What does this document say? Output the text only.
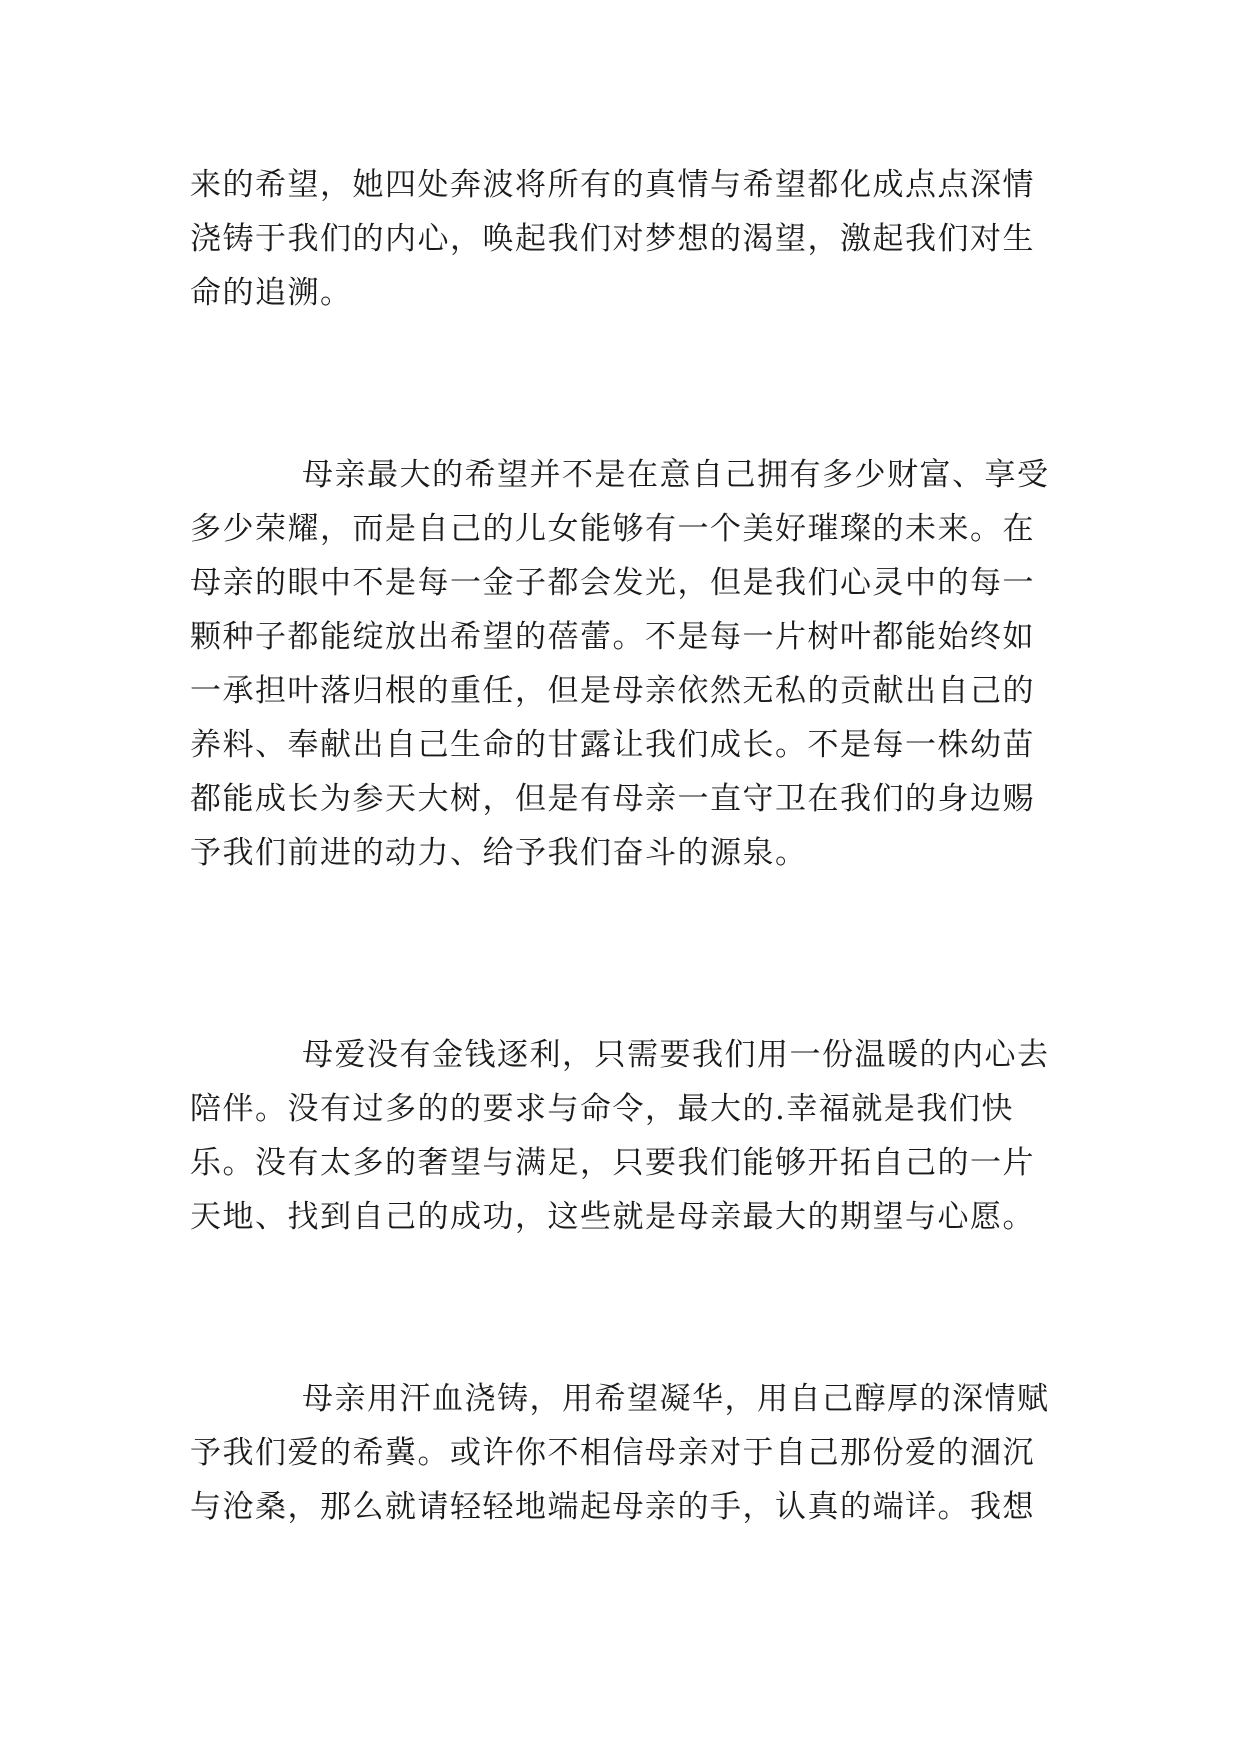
来的希望，她四处奔波将所有的真情与希望都化成点点深情
浇铸于我们的内心，唤起我们对梦想的渴望，激起我们对生
命的追溯。
母亲最大的希望并不是在意自己拥有多少财富、享受
多少荣耀，而是自己的儿女能够有一个美好璀璨的未来。在
母亲的眼中不是每一金子都会发光，但是我们心灵中的每一
颗种子都能绽放出希望的蓓蕾。不是每一片树叶都能始终如
一承担叶落归根的重任，但是母亲依然无私的贡献出自己的
养料、奉献出自己生命的甘露让我们成长。不是每一株幼苗
都能成长为参天大树，但是有母亲一直守卫在我们的身边赐
予我们前进的动力、给予我们奋斗的源泉。
母爱没有金钱逐利，只需要我们用一份温暖的内心去
陪伴。没有过多的的要求与命令，最大的.幸福就是我们快
乐。没有太多的奢望与满足，只要我们能够开拓自己的一片
天地、找到自己的成功，这些就是母亲最大的期望与心愿。
母亲用汗血浇铸，用希望凝华，用自己醇厚的深情赋
予我们爱的希冀。或许你不相信母亲对于自己那份爱的涸沉
与沧桑，那么就请轻轻地端起母亲的手，认真的端详。我想
